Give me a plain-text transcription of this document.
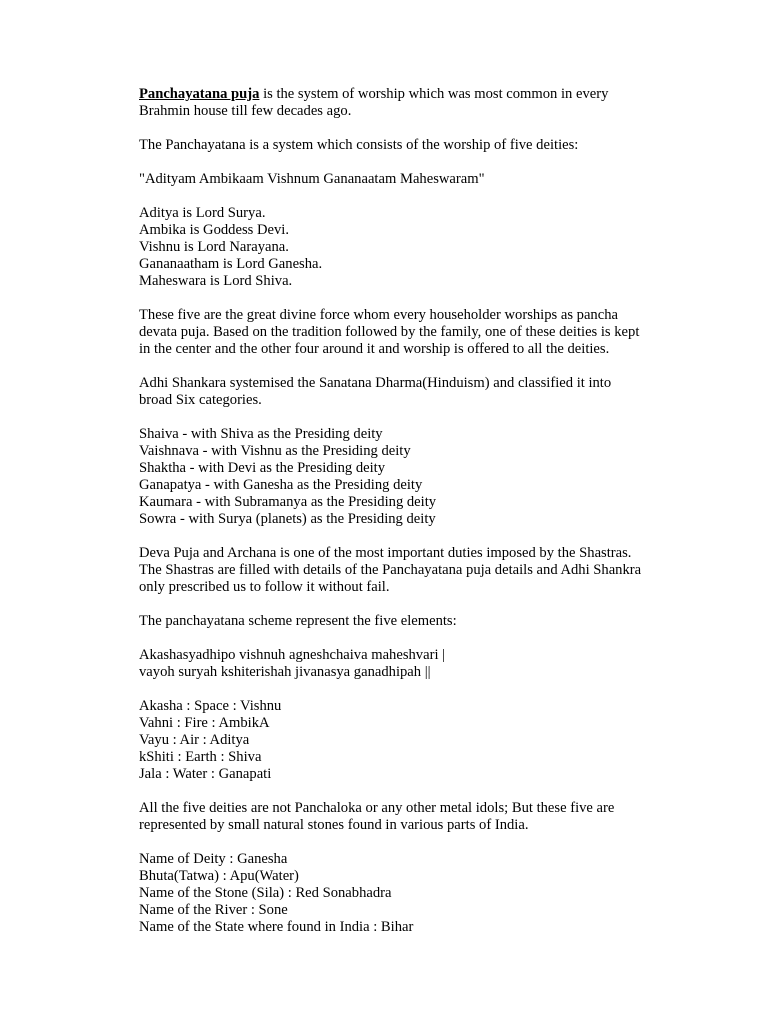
Panchayatana puja is the system of worship which was most common in every
Brahmin house till few decades ago.
The Panchayatana is a system which consists of the worship of five deities:
"Adityam Ambikaam Vishnum Gananaatam Maheswaram"
Aditya is Lord Surya.
Ambika is Goddess Devi.
Vishnu is Lord Narayana.
Gananaatham is Lord Ganesha.
Maheswara is Lord Shiva.
These five are the great divine force whom every householder worships as pancha
devata puja. Based on the tradition followed by the family, one of these deities is kept
in the center and the other four around it and worship is offered to all the deities.
Adhi Shankara systemised the Sanatana Dharma(Hinduism) and classified it into
broad Six categories.
Shaiva - with Shiva as the Presiding deity
Vaishnava - with Vishnu as the Presiding deity
Shaktha - with Devi as the Presiding deity
Ganapatya - with Ganesha as the Presiding deity
Kaumara - with Subramanya as the Presiding deity
Sowra - with Surya (planets) as the Presiding deity
Deva Puja and Archana is one of the most important duties imposed by the Shastras.
The Shastras are filled with details of the Panchayatana puja details and Adhi Shankra
only prescribed us to follow it without fail.
The panchayatana scheme represent the five elements:
Akashasyadhipo vishnuh agneshchaiva maheshvari |
vayoh suryah kshiterishah jivanasya ganadhipah ||
Akasha : Space : Vishnu
Vahni : Fire : AmbikA
Vayu : Air : Aditya
kShiti : Earth : Shiva
Jala : Water : Ganapati
All the five deities are not Panchaloka or any other metal idols; But these five are
represented by small natural stones found in various parts of India.
Name of Deity : Ganesha
Bhuta(Tatwa) : Apu(Water)
Name of the Stone (Sila) : Red Sonabhadra
Name of the River : Sone
Name of the State where found in India : Bihar
